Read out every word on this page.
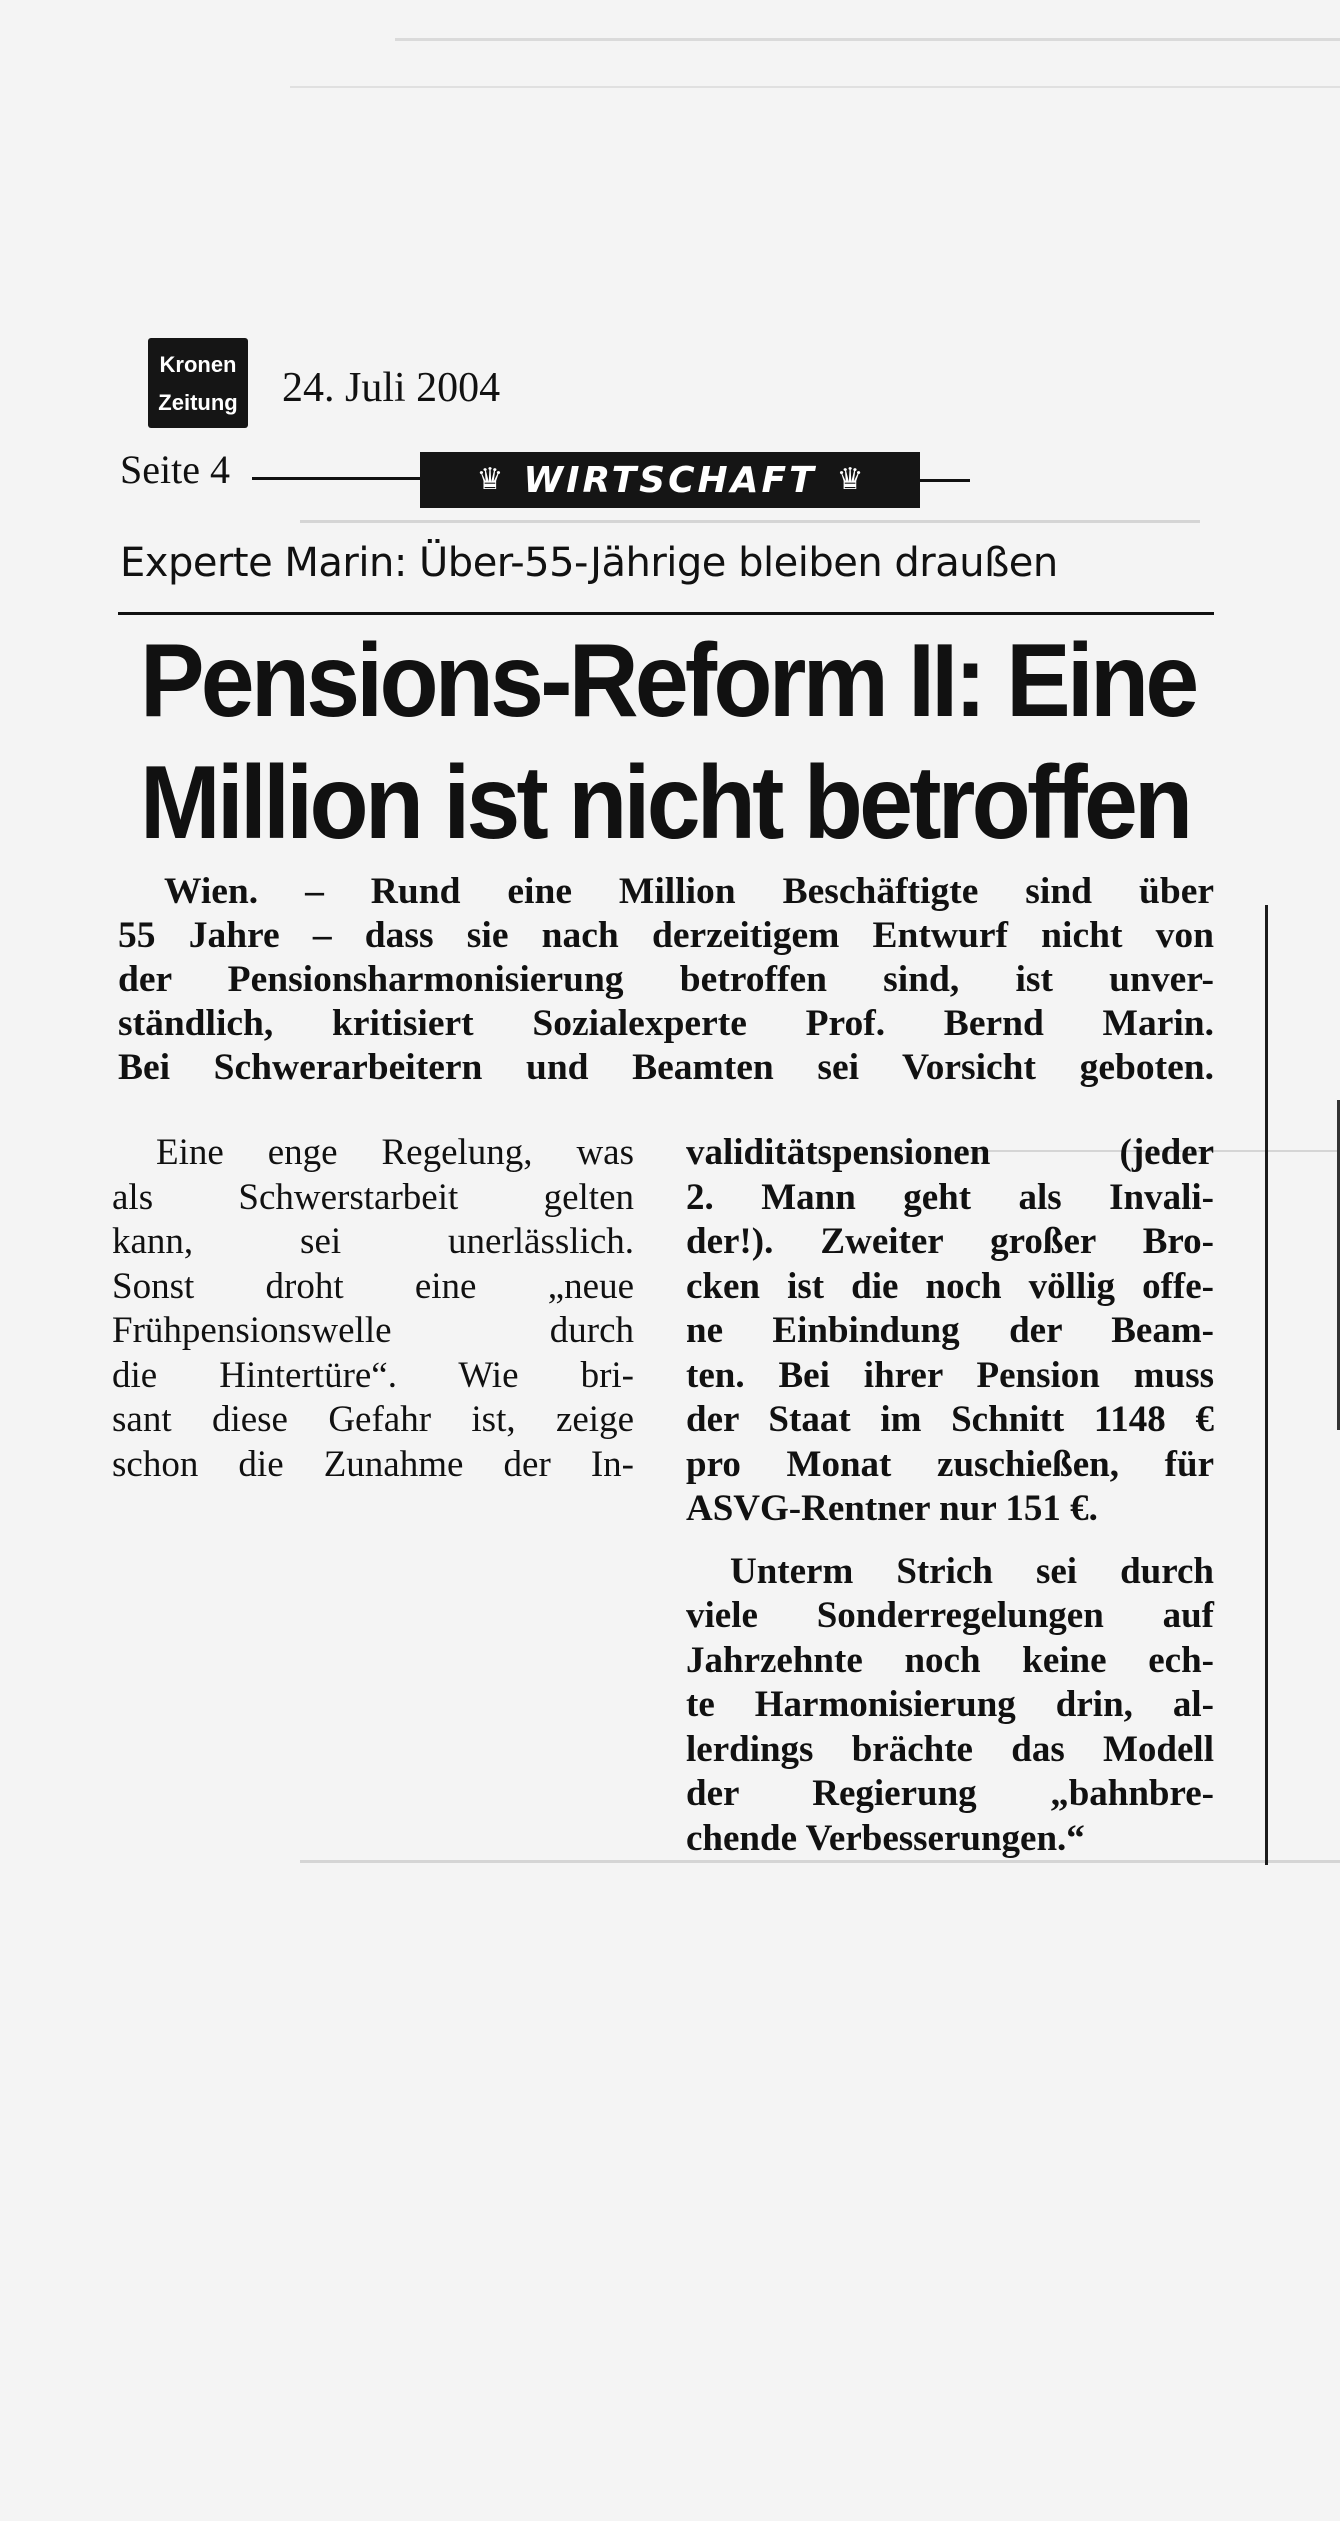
Kronen
Zeitung 24. Juli 2004
Seite 4	♛ WIRTSCHAFT ♛
Experte Marin: Über-55-Jährige bleiben draußen
Pensions-Reform II: Eine
Million ist nicht betroffen
Wien. – Rund eine Million Beschäftigte sind über
55 Jahre – dass sie nach derzeitigem Entwurf nicht von
der Pensionsharmonisierung betroffen sind, ist unver-
ständlich, kritisiert Sozialexperte Prof. Bernd Marin.
Bei Schwerarbeitern und Beamten sei Vorsicht geboten.
Eine enge Regelung, was
als Schwerstarbeit gelten
kann, sei unerlässlich.
Sonst droht eine „neue
Frühpensionswelle durch
die Hintertüre“. Wie bri-
sant diese Gefahr ist, zeige
schon die Zunahme der In-
validitätspensionen (jeder
2. Mann geht als Invali-
der!). Zweiter großer Bro-
cken ist die noch völlig offe-
ne Einbindung der Beam-
ten. Bei ihrer Pension muss
der Staat im Schnitt 1148 €
pro Monat zuschießen, für
ASVG-Rentner nur 151 €.
Unterm Strich sei durch
viele Sonderregelungen auf
Jahrzehnte noch keine ech-
te Harmonisierung drin, al-
lerdings brächte das Modell
der Regierung „bahnbre-
chende Verbesserungen.“
